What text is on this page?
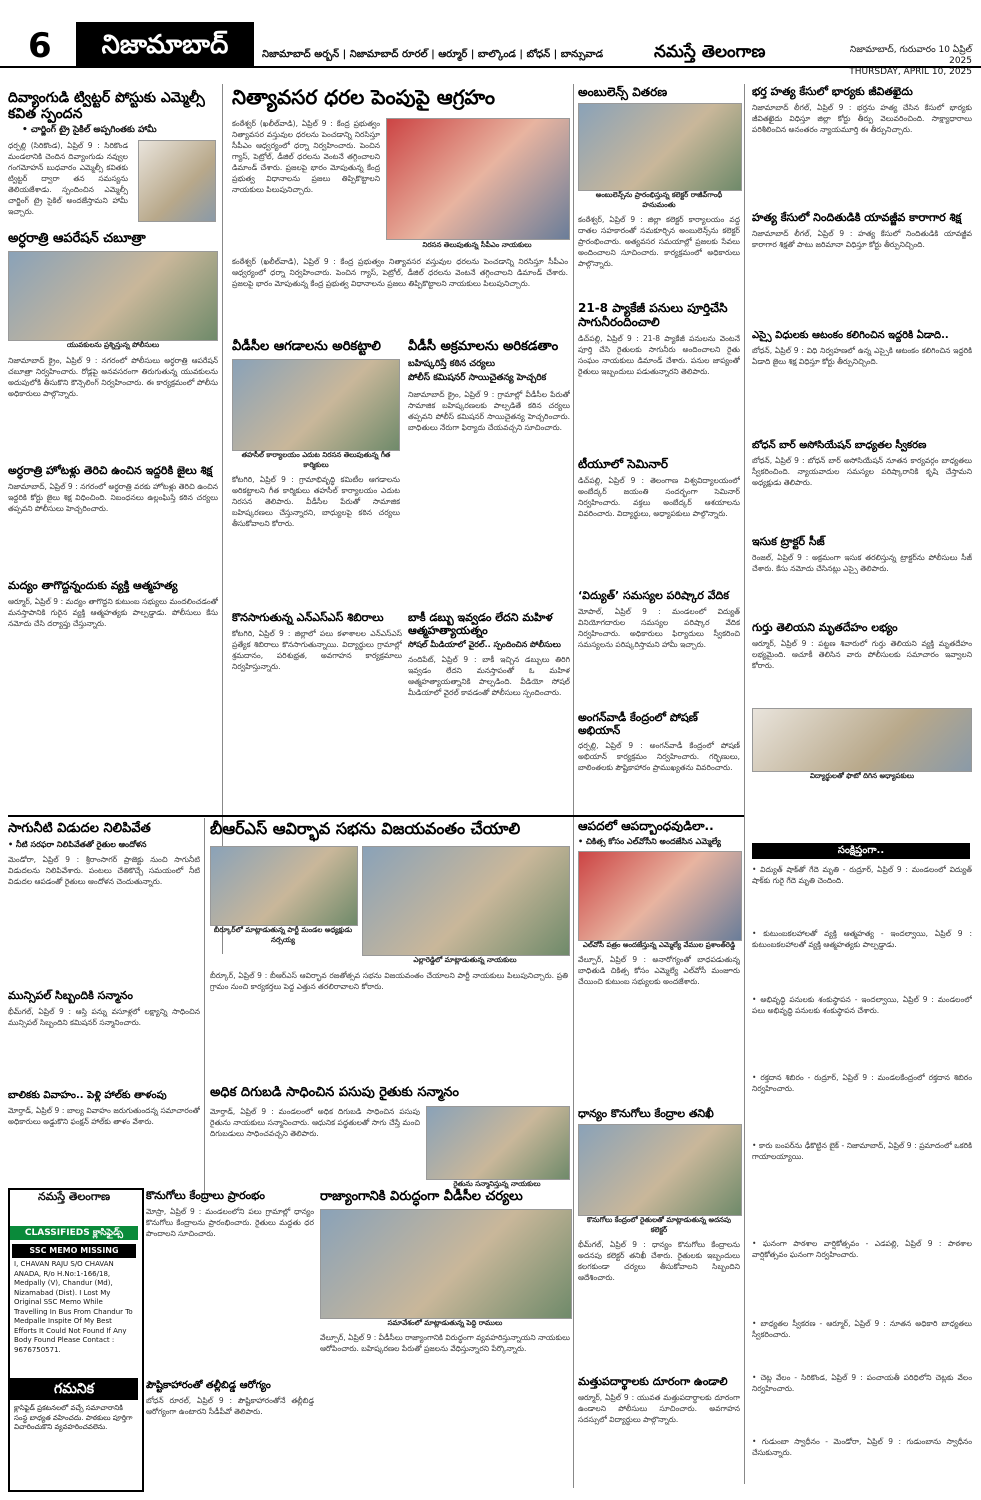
6	నిజామాబాద్	నిజామాబాద్ అర్బన్ | నిజామాబాద్ రూరల్ | ఆర్మూర్ | బాల్కొండ | బోధన్ | బాన్సువాడ	నమస్తే తెలంగాణ	నిజామాబాద్, గురువారం 10 ఏప్రిల్ 2025
THURSDAY, APRIL 10, 2025
దివ్యాంగుడి ట్విట్టర్ పోస్టుకు ఎమ్మెల్సీ కవిత స్పందన
• చార్జింగ్ ట్రై సైకిల్ అప్పగింతకు హామీ
ధర్పల్లి (సిరికొండ), ఏప్రిల్ 9 : సిరికొండ మండలానికి చెందిన దివ్యాంగుడు నవ్వుల గంగమోహన్ బుధవారం ఎమ్మెల్సీ కవితకు ట్విట్టర్ ద్వారా తన సమస్యను తెలియజేశాడు. స్పందించిన ఎమ్మెల్సీ చార్జింగ్ ట్రై సైకిల్ అందజేస్తామని హామీ ఇచ్చారు.
అర్ధరాత్రి ఆపరేషన్ చబూత్రా
యువకులను ప్రశ్నిస్తున్న పోలీసులు
నిజామాబాద్ క్రైం, ఏప్రిల్ 9 : నగరంలో పోలీసులు అర్ధరాత్రి ఆపరేషన్ చబూత్రా నిర్వహించారు. రోడ్లపై అనవసరంగా తిరుగుతున్న యువకులను అదుపులోకి తీసుకొని కౌన్సెలింగ్ నిర్వహించారు. ఈ కార్యక్రమంలో పోలీసు అధికారులు పాల్గొన్నారు.
అర్ధరాత్రి హోటళ్లు తెరిచి ఉంచిన ఇద్దరికి జైలు శిక్ష
నిజామాబాద్, ఏప్రిల్ 9 : నగరంలో అర్ధరాత్రి వరకు హోటళ్లు తెరిచి ఉంచిన ఇద్దరికి కోర్టు జైలు శిక్ష విధించింది. నిబంధనలు ఉల్లంఘిస్తే కఠిన చర్యలు తప్పవని పోలీసులు హెచ్చరించారు.
మద్యం తాగొద్దన్నందుకు వ్యక్తి ఆత్మహత్య
ఆర్మూర్, ఏప్రిల్ 9 : మద్యం తాగొద్దని కుటుంబ సభ్యులు మందలించడంతో మనస్తాపానికి గురైన వ్యక్తి ఆత్మహత్యకు పాల్పడ్డాడు. పోలీసులు కేసు నమోదు చేసి దర్యాప్తు చేస్తున్నారు.
నిత్యావసర ధరల పెంపుపై ఆగ్రహం
కంఠేశ్వర్ (ఖలీల్‌వాడి), ఏప్రిల్ 9 : కేంద్ర ప్రభుత్వం నిత్యావసర వస్తువుల ధరలను పెంచడాన్ని నిరసిస్తూ సీపీఎం ఆధ్వర్యంలో ధర్నా నిర్వహించారు. పెంచిన గ్యాస్, పెట్రోల్, డీజిల్ ధరలను వెంటనే తగ్గించాలని డిమాండ్ చేశారు. ప్రజలపై భారం మోపుతున్న కేంద్ర ప్రభుత్వ విధానాలను ప్రజలు తిప్పికొట్టాలని నాయకులు పిలుపునిచ్చారు.
నిరసన తెలుపుతున్న సీపీఎం నాయకులు
కంఠేశ్వర్ (ఖలీల్‌వాడి), ఏప్రిల్ 9 : కేంద్ర ప్రభుత్వం నిత్యావసర వస్తువుల ధరలను పెంచడాన్ని నిరసిస్తూ సీపీఎం ఆధ్వర్యంలో ధర్నా నిర్వహించారు. పెంచిన గ్యాస్, పెట్రోల్, డీజిల్ ధరలను వెంటనే తగ్గించాలని డిమాండ్ చేశారు. ప్రజలపై భారం మోపుతున్న కేంద్ర ప్రభుత్వ విధానాలను ప్రజలు తిప్పికొట్టాలని నాయకులు పిలుపునిచ్చారు.
వీడీసీల ఆగడాలను అరికట్టాలి
తహసీల్ కార్యాలయం ఎదుట నిరసన తెలుపుతున్న గీత కార్మికులు
కోటగిరి, ఏప్రిల్ 9 : గ్రామాభివృద్ధి కమిటీల ఆగడాలను అరికట్టాలని గీత కార్మికులు తహసీల్ కార్యాలయం ఎదుట నిరసన తెలిపారు. వీడీసీల పేరుతో సామాజిక బహిష్కరణలు చేస్తున్నారని, బాధ్యులపై కఠిన చర్యలు తీసుకోవాలని కోరారు.
వీడీసీ అక్రమాలను అరికడతాం
బహిష్కరిస్తే కఠిన చర్యలు
పోలీస్ కమిషనర్ సాయిచైతన్య హెచ్చరిక
నిజామాబాద్ క్రైం, ఏప్రిల్ 9 : గ్రామాల్లో వీడీసీల పేరుతో సామాజిక బహిష్కరణలకు పాల్పడితే కఠిన చర్యలు తప్పవని పోలీస్ కమిషనర్ సాయిచైతన్య హెచ్చరించారు. బాధితులు నేరుగా ఫిర్యాదు చేయవచ్చని సూచించారు.
కొనసాగుతున్న ఎన్‌ఎస్‌ఎస్ శిబిరాలు
కోటగిరి, ఏప్రిల్ 9 : జిల్లాలో పలు కళాశాలల ఎన్‌ఎస్‌ఎస్ ప్రత్యేక శిబిరాలు కొనసాగుతున్నాయి. విద్యార్థులు గ్రామాల్లో శ్రమదానం, పరిశుభ్రత, అవగాహన కార్యక్రమాలు నిర్వహిస్తున్నారు.
బాకీ డబ్బు ఇవ్వడం లేదని మహిళ ఆత్మహత్యాయత్నం
సోషల్ మీడియాలో వైరల్.. స్పందించిన పోలీసులు
నందిపేట్, ఏప్రిల్ 9 : బాకీ ఇచ్చిన డబ్బులు తిరిగి ఇవ్వడం లేదని మనస్తాపంతో ఓ మహిళ ఆత్మహత్యాయత్నానికి పాల్పడింది. వీడియో సోషల్ మీడియాలో వైరల్ కావడంతో పోలీసులు స్పందించారు.
అంబులెన్స్ వితరణ
అంబులెన్స్‌ను ప్రారంభిస్తున్న కలెక్టర్ రాజీవ్‌గాంధీ హనుమంతు
కంఠేశ్వర్, ఏప్రిల్ 9 : జిల్లా కలెక్టర్ కార్యాలయం వద్ద దాతల సహకారంతో సమకూర్చిన అంబులెన్స్‌ను కలెక్టర్ ప్రారంభించారు. అత్యవసర సమయాల్లో ప్రజలకు సేవలు అందించాలని సూచించారు. కార్యక్రమంలో అధికారులు పాల్గొన్నారు.
21-8 ప్యాకేజీ పనులు పూర్తిచేసి సాగునీరందించాలి
డిచ్‌పల్లి, ఏప్రిల్ 9 : 21-8 ప్యాకేజీ పనులను వెంటనే పూర్తి చేసి రైతులకు సాగునీరు అందించాలని రైతు సంఘం నాయకులు డిమాండ్ చేశారు. పనుల జాప్యంతో రైతులు ఇబ్బందులు పడుతున్నారని తెలిపారు.
టీయూలో సెమినార్
డిచ్‌పల్లి, ఏప్రిల్ 9 : తెలంగాణ విశ్వవిద్యాలయంలో అంబేద్కర్ జయంతి సందర్భంగా సెమినార్ నిర్వహించారు. వక్తలు అంబేద్కర్ ఆశయాలను వివరించారు. విద్యార్థులు, అధ్యాపకులు పాల్గొన్నారు.
‘విద్యుత్’ సమస్యల పరిష్కార వేదిక
మోపాల్, ఏప్రిల్ 9 : మండలంలో విద్యుత్ వినియోగదారుల సమస్యల పరిష్కార వేదిక నిర్వహించారు. అధికారులు ఫిర్యాదులు స్వీకరించి సమస్యలను పరిష్కరిస్తామని హామీ ఇచ్చారు.
అంగన్‌వాడీ కేంద్రంలో పోషణ్ అభియాన్
ధర్పల్లి, ఏప్రిల్ 9 : అంగన్‌వాడీ కేంద్రంలో పోషణ్ అభియాన్ కార్యక్రమం నిర్వహించారు. గర్భిణులు, బాలింతలకు పౌష్టికాహారం ప్రాముఖ్యతను వివరించారు.
భర్త హత్య కేసులో భార్యకు జీవితఖైదు
నిజామాబాద్ లీగల్, ఏప్రిల్ 9 : భర్తను హత్య చేసిన కేసులో భార్యకు జీవితఖైదు విధిస్తూ జిల్లా కోర్టు తీర్పు వెలువరించింది. సాక్ష్యాధారాలు పరిశీలించిన అనంతరం న్యాయమూర్తి ఈ తీర్పునిచ్చారు.
హత్య కేసులో నిందితుడికి యావజ్జీవ కారాగార శిక్ష
నిజామాబాద్ లీగల్, ఏప్రిల్ 9 : హత్య కేసులో నిందితుడికి యావజ్జీవ కారాగార శిక్షతో పాటు జరిమానా విధిస్తూ కోర్టు తీర్పునిచ్చింది.
ఎస్సై విధులకు ఆటంకం కలిగించిన ఇద్దరికి ఏడాది..
బోధన్, ఏప్రిల్ 9 : విధి నిర్వహణలో ఉన్న ఎస్సైకి ఆటంకం కలిగించిన ఇద్దరికి ఏడాది జైలు శిక్ష విధిస్తూ కోర్టు తీర్పునిచ్చింది.
బోధన్ బార్ అసోసియేషన్ బాధ్యతల స్వీకరణ
బోధన్, ఏప్రిల్ 9 : బోధన్ బార్ అసోసియేషన్ నూతన కార్యవర్గం బాధ్యతలు స్వీకరించింది. న్యాయవాదుల సమస్యల పరిష్కారానికి కృషి చేస్తామని అధ్యక్షుడు తెలిపారు.
ఇసుక ట్రాక్టర్ సీజ్
రెంజల్, ఏప్రిల్ 9 : అక్రమంగా ఇసుక తరలిస్తున్న ట్రాక్టర్‌ను పోలీసులు సీజ్ చేశారు. కేసు నమోదు చేసినట్లు ఎస్సై తెలిపారు.
గుర్తు తెలియని మృతదేహం లభ్యం
ఆర్మూర్, ఏప్రిల్ 9 : పట్టణ శివారులో గుర్తు తెలియని వ్యక్తి మృతదేహం లభ్యమైంది. ఆచూకీ తెలిసిన వారు పోలీసులకు సమాచారం ఇవ్వాలని కోరారు.
విద్యార్థులతో ఫొటో దిగిన అధ్యాపకులు
సంక్షిప్తంగా..
• విద్యుత్ షాక్‌తో గేదె మృతి - రుద్రూర్, ఏప్రిల్ 9 : మండలంలో విద్యుత్ షాక్‌కు గురై గేదె మృతి చెందింది.
• కుటుంబకలహాలతో వ్యక్తి ఆత్మహత్య - ఇందల్వాయి, ఏప్రిల్ 9 : కుటుంబకలహాలతో వ్యక్తి ఆత్మహత్యకు పాల్పడ్డాడు.
• అభివృద్ధి పనులకు శంకుస్థాపన - ఇందల్వాయి, ఏప్రిల్ 9 : మండలంలో పలు అభివృద్ధి పనులకు శంకుస్థాపన చేశారు.
• రక్తదాన శిబిరం - రుద్రూర్, ఏప్రిల్ 9 : మండలకేంద్రంలో రక్తదాన శిబిరం నిర్వహించారు.
• కారు బంపర్‌ను ఢీకొట్టిన బైక్ - నిజామాబాద్, ఏప్రిల్ 9 : ప్రమాదంలో ఒకరికి గాయాలయ్యాయి.
• ఘనంగా పాఠశాల వార్షికోత్సవం - ఎడపల్లి, ఏప్రిల్ 9 : పాఠశాల వార్షికోత్సవం ఘనంగా నిర్వహించారు.
• బాధ్యతల స్వీకరణ - ఆర్మూర్, ఏప్రిల్ 9 : నూతన అధికారి బాధ్యతలు స్వీకరించారు.
• చెట్ల వేలం - సిరికొండ, ఏప్రిల్ 9 : పంచాయతీ పరిధిలోని చెట్లకు వేలం నిర్వహించారు.
• గుడుంబా స్వాధీనం - మెండోరా, ఏప్రిల్ 9 : గుడుంబాను స్వాధీనం చేసుకున్నారు.
సాగునీటి విడుదల నిలిపివేత
• నీటి సరఫరా నిలిపివేతతో రైతుల ఆందోళన
మెండోరా, ఏప్రిల్ 9 : శ్రీరాంసాగర్ ప్రాజెక్టు నుంచి సాగునీటి విడుదలను నిలిపివేశారు. పంటలు చేతికొచ్చే సమయంలో నీటి విడుదల ఆపడంతో రైతులు ఆందోళన చెందుతున్నారు.
మున్సిపల్ సిబ్బందికి సన్మానం
భీమ్‌గల్, ఏప్రిల్ 9 : ఆస్తి పన్ను వసూళ్లలో లక్ష్యాన్ని సాధించిన మున్సిపల్ సిబ్బందిని కమిషనర్ సన్మానించారు.
బాలికకు వివాహం.. పెళ్లి హాల్‌కు తాళంపు
మోర్తాడ్, ఏప్రిల్ 9 : బాల్య వివాహం జరుగుతుందన్న సమాచారంతో అధికారులు అడ్డుకొని ఫంక్షన్ హాల్‌కు తాళం వేశారు.
బీఆర్‌ఎస్ ఆవిర్భావ సభను విజయవంతం చేయాలి
బీర్కూర్‌లో మాట్లాడుతున్న పార్టీ మండల అధ్యక్షుడు నర్సయ్య
ఎల్లారెడ్డిలో మాట్లాడుతున్న నాయకులు
బీర్కూర్, ఏప్రిల్ 9 : బీఆర్‌ఎస్ ఆవిర్భావ రజతోత్సవ సభను విజయవంతం చేయాలని పార్టీ నాయకులు పిలుపునిచ్చారు. ప్రతి గ్రామం నుంచి కార్యకర్తలు పెద్ద ఎత్తున తరలిరావాలని కోరారు.
అధిక దిగుబడి సాధించిన పసుపు రైతుకు సన్మానం
మోర్తాడ్, ఏప్రిల్ 9 : మండలంలో అధిక దిగుబడి సాధించిన పసుపు రైతును నాయకులు సన్మానించారు. ఆధునిక పద్ధతులతో సాగు చేస్తే మంచి దిగుబడులు సాధించవచ్చని తెలిపారు.
రైతును సన్మానిస్తున్న నాయకులు
నమస్తే తెలంగాణ
CLASSIFIEDS క్లాసిఫైడ్స్
SSC MEMO MISSING
I, CHAVAN RAJU S/O CHAVAN ANADA, R/o H.No:1-166/18, Medpally (V), Chandur (Md), Nizamabad (Dist). I Lost My Original SSC Memo While Travelling In Bus From Chandur To Medpalle Inspite Of My Best Efforts It Could Not Found If Any Body Found Please Contact : 9676750571.
గమనిక
క్లాసిఫైడ్ ప్రకటనలలో వచ్చే సమాచారానికి సంస్థ బాధ్యత వహించదు. పాఠకులు పూర్తిగా విచారించుకొని వ్యవహరించవలెను.
కొనుగోలు కేంద్రాలు ప్రారంభం
మోస్రా, ఏప్రిల్ 9 : మండలంలోని పలు గ్రామాల్లో ధాన్యం కొనుగోలు కేంద్రాలను ప్రారంభించారు. రైతులు మద్దతు ధర పొందాలని సూచించారు.
పౌష్టికాహారంతో తల్లీబిడ్డ ఆరోగ్యం
బోధన్ రూరల్, ఏప్రిల్ 9 : పౌష్టికాహారంతోనే తల్లీబిడ్డ ఆరోగ్యంగా ఉంటారని సీడీపీవో తెలిపారు.
రాజ్యాంగానికి విరుద్ధంగా వీడీసీల చర్యలు
సమావేశంలో మాట్లాడుతున్న పెద్ది రాములు
వేల్పూర్, ఏప్రిల్ 9 : వీడీసీలు రాజ్యాంగానికి విరుద్ధంగా వ్యవహరిస్తున్నాయని నాయకులు ఆరోపించారు. బహిష్కరణల పేరుతో ప్రజలను వేధిస్తున్నారని పేర్కొన్నారు.
ఆపదలో ఆపద్బాంధవుడిలా..
• చికిత్స కోసం ఎల్‌వోసీని అందజేసిన ఎమ్మెల్యే
ఎల్‌వోసీ పత్రం అందజేస్తున్న ఎమ్మెల్యే వేముల ప్రశాంత్‌రెడ్డి
వేల్పూర్, ఏప్రిల్ 9 : అనారోగ్యంతో బాధపడుతున్న బాధితుడి చికిత్స కోసం ఎమ్మెల్యే ఎల్‌వోసీ మంజూరు చేయించి కుటుంబ సభ్యులకు అందజేశారు.
ధాన్యం కొనుగోలు కేంద్రాల తనిఖీ
కొనుగోలు కేంద్రంలో రైతులతో మాట్లాడుతున్న అదనపు కలెక్టర్
భీమ్‌గల్, ఏప్రిల్ 9 : ధాన్యం కొనుగోలు కేంద్రాలను అదనపు కలెక్టర్ తనిఖీ చేశారు. రైతులకు ఇబ్బందులు కలగకుండా చర్యలు తీసుకోవాలని సిబ్బందిని ఆదేశించారు.
మత్తుపదార్థాలకు దూరంగా ఉండాలి
ఆర్మూర్, ఏప్రిల్ 9 : యువత మత్తుపదార్థాలకు దూరంగా ఉండాలని పోలీసులు సూచించారు. అవగాహన సదస్సులో విద్యార్థులు పాల్గొన్నారు.
